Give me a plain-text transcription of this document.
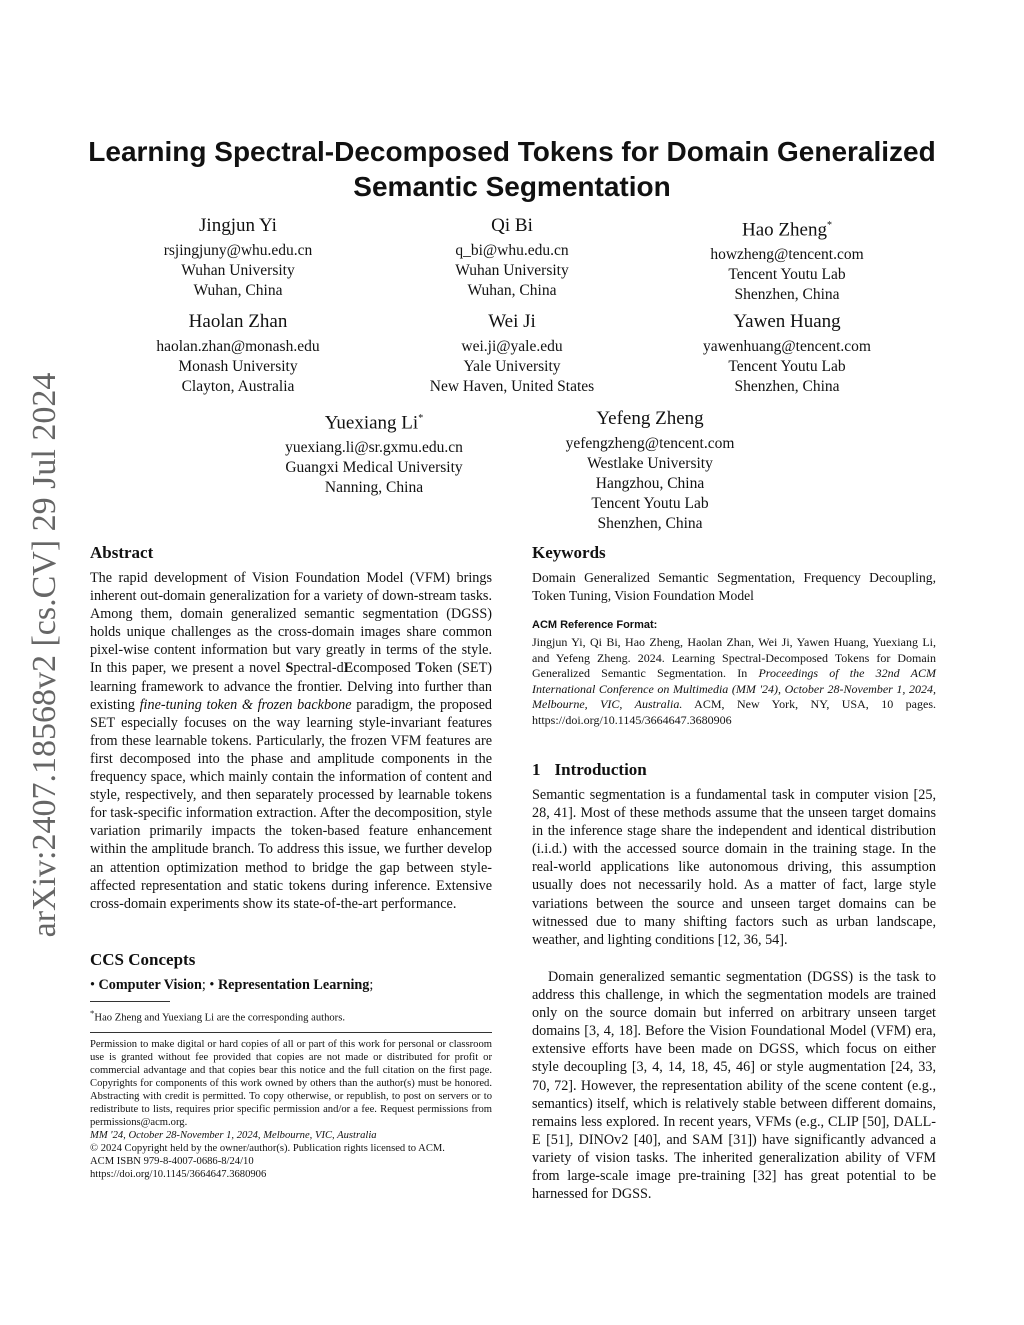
arXiv:2407.18568v2 [cs.CV] 29 Jul 2024
Learning Spectral-Decomposed Tokens for Domain Generalized
Semantic Segmentation
Jingjun Yi
rsjingjuny@whu.edu.cn
Wuhan University
Wuhan, China
Qi Bi
q_bi@whu.edu.cn
Wuhan University
Wuhan, China
Hao Zheng*
howzheng@tencent.com
Tencent Youtu Lab
Shenzhen, China
Haolan Zhan
haolan.zhan@monash.edu
Monash University
Clayton, Australia
Wei Ji
wei.ji@yale.edu
Yale University
New Haven, United States
Yawen Huang
yawenhuang@tencent.com
Tencent Youtu Lab
Shenzhen, China
Yuexiang Li*
yuexiang.li@sr.gxmu.edu.cn
Guangxi Medical University
Nanning, China
Yefeng Zheng
yefengzheng@tencent.com
Westlake University
Hangzhou, China
Tencent Youtu Lab
Shenzhen, China
Abstract
The rapid development of Vision Foundation Model (VFM) brings inherent out-domain generalization for a variety of down-stream tasks. Among them, domain generalized semantic segmentation (DGSS) holds unique challenges as the cross-domain images share common pixel-wise content information but vary greatly in terms of the style. In this paper, we present a novel Spectral-dEcomposed Token (SET) learning framework to advance the frontier. Delving into further than existing fine-tuning token & frozen backbone paradigm, the proposed SET especially focuses on the way learning style-invariant features from these learnable tokens. Particularly, the frozen VFM features are first decomposed into the phase and amplitude components in the frequency space, which mainly contain the information of content and style, respectively, and then separately processed by learnable tokens for task-specific information extraction. After the decomposition, style variation primarily impacts the token-based feature enhancement within the amplitude branch. To address this issue, we further develop an attention optimization method to bridge the gap between style-affected representation and static tokens during inference. Extensive cross-domain experiments show its state-of-the-art performance.
CCS Concepts
• Computer Vision; • Representation Learning;
*Hao Zheng and Yuexiang Li are the corresponding authors.
Permission to make digital or hard copies of all or part of this work for personal or classroom use is granted without fee provided that copies are not made or distributed for profit or commercial advantage and that copies bear this notice and the full citation on the first page. Copyrights for components of this work owned by others than the author(s) must be honored. Abstracting with credit is permitted. To copy otherwise, or republish, to post on servers or to redistribute to lists, requires prior specific permission and/or a fee. Request permissions from permissions@acm.org.
MM '24, October 28-November 1, 2024, Melbourne, VIC, Australia
© 2024 Copyright held by the owner/author(s). Publication rights licensed to ACM.
ACM ISBN 979-8-4007-0686-8/24/10
https://doi.org/10.1145/3664647.3680906
Keywords
Domain Generalized Semantic Segmentation, Frequency Decoupling, Token Tuning, Vision Foundation Model
ACM Reference Format:
Jingjun Yi, Qi Bi, Hao Zheng, Haolan Zhan, Wei Ji, Yawen Huang, Yuexiang Li, and Yefeng Zheng. 2024. Learning Spectral-Decomposed Tokens for Domain Generalized Semantic Segmentation. In Proceedings of the 32nd ACM International Conference on Multimedia (MM '24), October 28-November 1, 2024, Melbourne, VIC, Australia. ACM, New York, NY, USA, 10 pages. https://doi.org/10.1145/3664647.3680906
1 Introduction
Semantic segmentation is a fundamental task in computer vision [25, 28, 41]. Most of these methods assume that the unseen target domains in the inference stage share the independent and identical distribution (i.i.d.) with the accessed source domain in the training stage. In the real-world applications like autonomous driving, this assumption usually does not necessarily hold. As a matter of fact, large style variations between the source and unseen target domains can be witnessed due to many shifting factors such as urban landscape, weather, and lighting conditions [12, 36, 54].
Domain generalized semantic segmentation (DGSS) is the task to address this challenge, in which the segmentation models are trained only on the source domain but inferred on arbitrary unseen target domains [3, 4, 18]. Before the Vision Foundational Model (VFM) era, extensive efforts have been made on DGSS, which focus on either style decoupling [3, 4, 14, 18, 45, 46] or style augmentation [24, 33, 70, 72]. However, the representation ability of the scene content (e.g., semantics) itself, which is relatively stable between different domains, remains less explored. In recent years, VFMs (e.g., CLIP [50], DALL-E [51], DINOv2 [40], and SAM [31]) have significantly advanced a variety of vision tasks. The inherited generalization ability of VFM from large-scale image pre-training [32] has great potential to be harnessed for DGSS.
